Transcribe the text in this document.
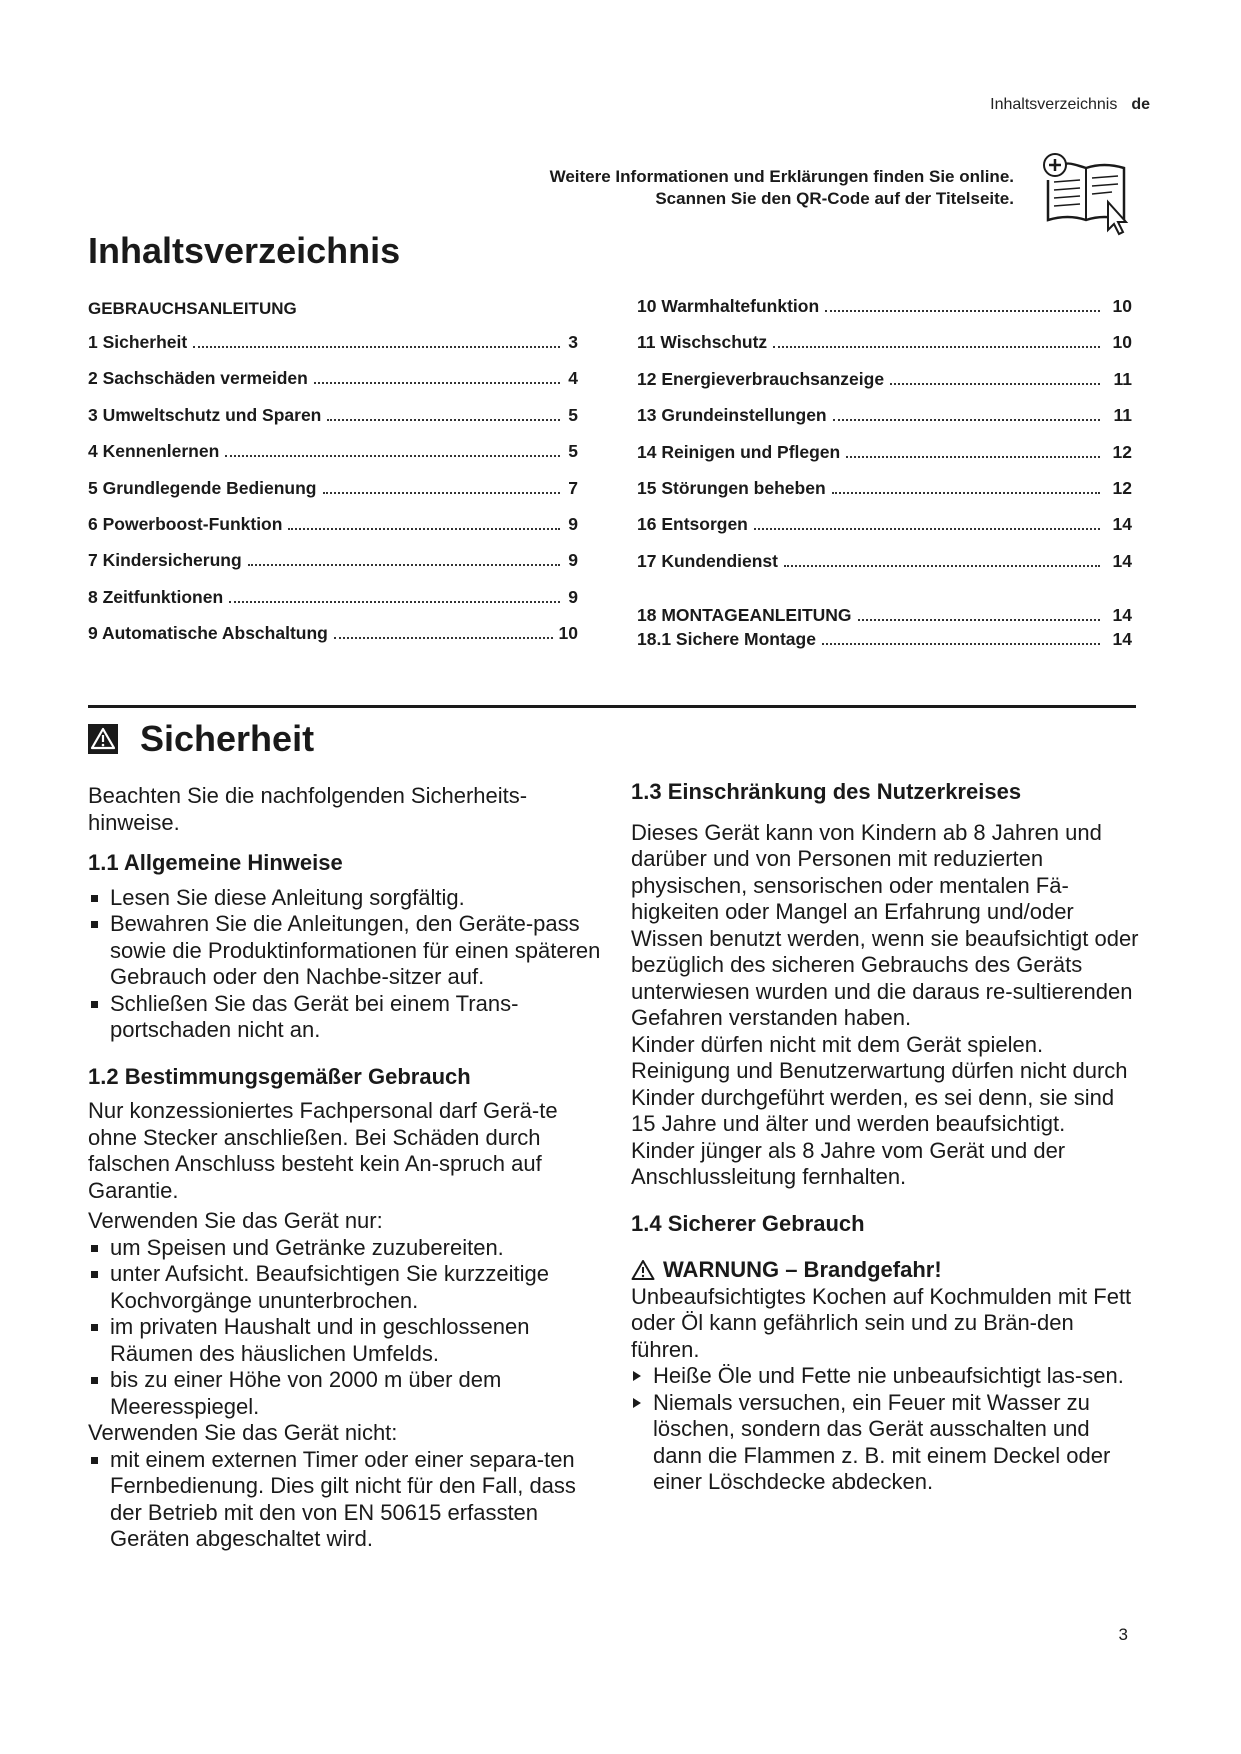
Inhaltsverzeichnis de
Weitere Informationen und Erklärungen finden Sie online.
Scannen Sie den QR-Code auf der Titelseite.
Inhaltsverzeichnis
GEBRAUCHSANLEITUNG
1 Sicherheit	3
2 Sachschäden vermeiden	4
3 Umweltschutz und Sparen	5
4 Kennenlernen	5
5 Grundlegende Bedienung	7
6 Powerboost-Funktion	9
7 Kindersicherung	9
8 Zeitfunktionen	9
9 Automatische Abschaltung	10
10 Warmhaltefunktion	10
11 Wischschutz	10
12 Energieverbrauchsanzeige	11
13 Grundeinstellungen	11
14 Reinigen und Pflegen	12
15 Störungen beheben	12
16 Entsorgen	14
17 Kundendienst	14
18 MONTAGEANLEITUNG	14
18.1 Sichere Montage	14
Sicherheit

Beachten Sie die nachfolgenden Sicherheits-hinweise.

1.1 Allgemeine Hinweise
Lesen Sie diese Anleitung sorgfältig.
Bewahren Sie die Anleitungen, den Geräte-pass sowie die Produktinformationen für einen späteren Gebrauch oder den Nachbe-sitzer auf.
Schließen Sie das Gerät bei einem Trans-portschaden nicht an.
1.2 Bestimmungsgemäßer Gebrauch

Nur konzessioniertes Fachpersonal darf Gerä-te ohne Stecker anschließen. Bei Schäden durch falschen Anschluss besteht kein An-spruch auf Garantie.

Verwenden Sie das Gerät nur:

um Speisen und Getränke zuzubereiten.
unter Aufsicht. Beaufsichtigen Sie kurzzeitige Kochvorgänge ununterbrochen.
im privaten Haushalt und in geschlossenen Räumen des häuslichen Umfelds.
bis zu einer Höhe von 2000 m über dem Meeresspiegel.

Verwenden Sie das Gerät nicht:

mit einem externen Timer oder einer separa-ten Fernbedienung. Dies gilt nicht für den Fall, dass der Betrieb mit den von EN 50615 erfassten Geräten abgeschaltet wird.
1.3 Einschränkung des Nutzerkreises

Dieses Gerät kann von Kindern ab 8 Jahren und darüber und von Personen mit reduzierten physischen, sensorischen oder mentalen Fä-higkeiten oder Mangel an Erfahrung und/oder Wissen benutzt werden, wenn sie beaufsichtigt oder bezüglich des sicheren Gebrauchs des Geräts unterwiesen wurden und die daraus re-sultierenden Gefahren verstanden haben.

Kinder dürfen nicht mit dem Gerät spielen.

Reinigung und Benutzerwartung dürfen nicht durch Kinder durchgeführt werden, es sei denn, sie sind 15 Jahre und älter und werden beaufsichtigt.

Kinder jünger als 8 Jahre vom Gerät und der Anschlussleitung fernhalten.

1.4 Sicherer Gebrauch
WARNUNG – Brandgefahr!

Unbeaufsichtigtes Kochen auf Kochmulden mit Fett oder Öl kann gefährlich sein und zu Brän-den führen.

Heiße Öle und Fette nie unbeaufsichtigt las-sen.
Niemals versuchen, ein Feuer mit Wasser zu löschen, sondern das Gerät ausschalten und dann die Flammen z. B. mit einem Deckel oder einer Löschdecke abdecken.
3
